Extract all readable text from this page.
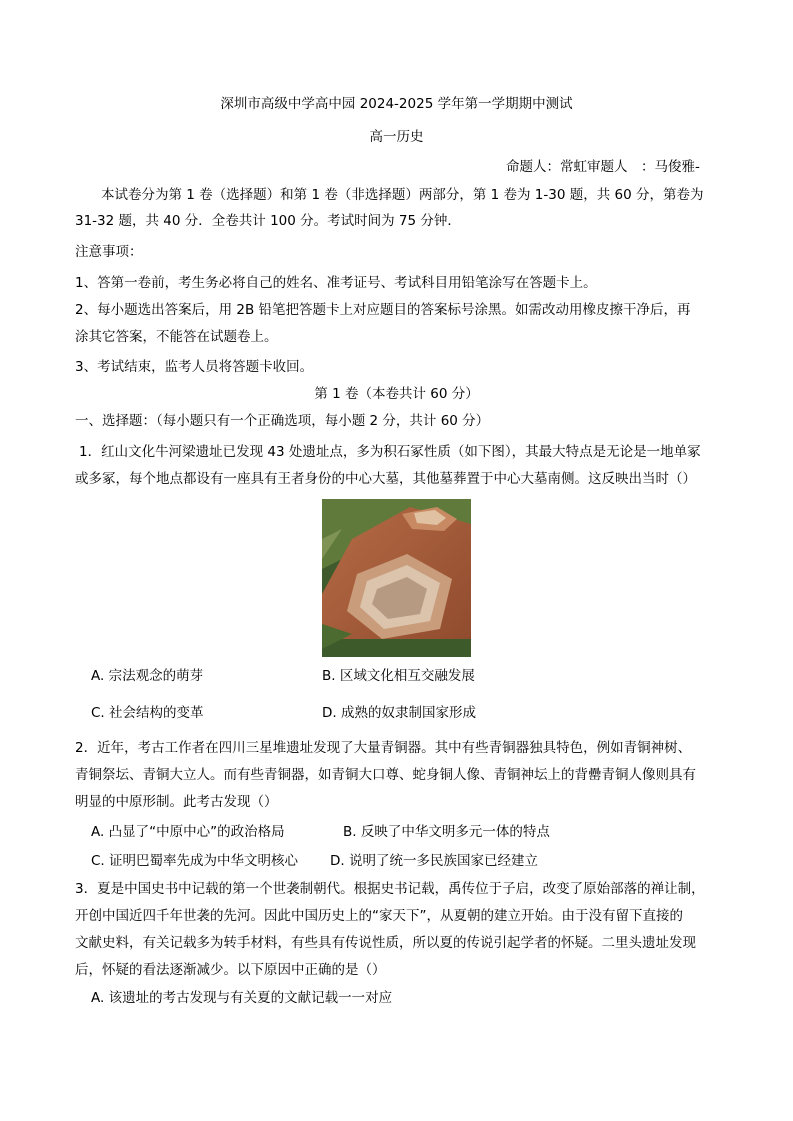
深圳市高级中学高中园 2024-2025 学年第一学期期中测试
高一历史
命题人：常虹审题人　：马俊雅-
本试卷分为第 1 卷（选择题）和第 1 卷（非选择题）两部分，第 1 卷为 1-30 题，共 60 分，第卷为
31-32 题，共 40 分．全卷共计 100 分。考试时间为 75 分钟．
注意事项：
1、答第一卷前，考生务必将自己的姓名、准考证号、考试科目用铅笔涂写在答题卡上。
2、每小题选出答案后，用 2B 铅笔把答题卡上对应题目的答案标号涂黑。如需改动用橡皮擦干净后，再
涂其它答案，不能答在试题卷上。
3、考试结束，监考人员将答题卡收回。
第 1 卷（本卷共计 60 分）
一、选择题：（每小题只有一个正确选项，每小题 2 分，共计 60 分）
1．红山文化牛河梁遗址已发现 43 处遗址点，多为积石冢性质（如下图），其最大特点是无论是一地单冢
或多冢，每个地点都设有一座具有王者身份的中心大墓，其他墓葬置于中心大墓南侧。这反映出当时（）
A. 宗法观念的萌芽	B. 区域文化相互交融发展
C. 社会结构的变革	D. 成熟的奴隶制国家形成
2．近年，考古工作者在四川三星堆遗址发现了大量青铜器。其中有些青铜器独具特色，例如青铜神树、
青铜祭坛、青铜大立人。而有些青铜器，如青铜大口尊、蛇身铜人像、青铜神坛上的背罍青铜人像则具有
明显的中原形制。此考古发现（）
A. 凸显了“中原中心”的政治格局	B. 反映了中华文明多元一体的特点
C. 证明巴蜀率先成为中华文明核心 D. 说明了统一多民族国家已经建立
3．夏是中国史书中记载的第一个世袭制朝代。根据史书记载，禹传位于子启，改变了原始部落的禅让制，
开创中国近四千年世袭的先河。因此中国历史上的“家天下”，从夏朝的建立开始。由于没有留下直接的
文献史料，有关记载多为转手材料，有些具有传说性质，所以夏的传说引起学者的怀疑。二里头遗址发现
后，怀疑的看法逐渐减少。以下原因中正确的是（）
A. 该遗址的考古发现与有关夏的文献记载一一对应
